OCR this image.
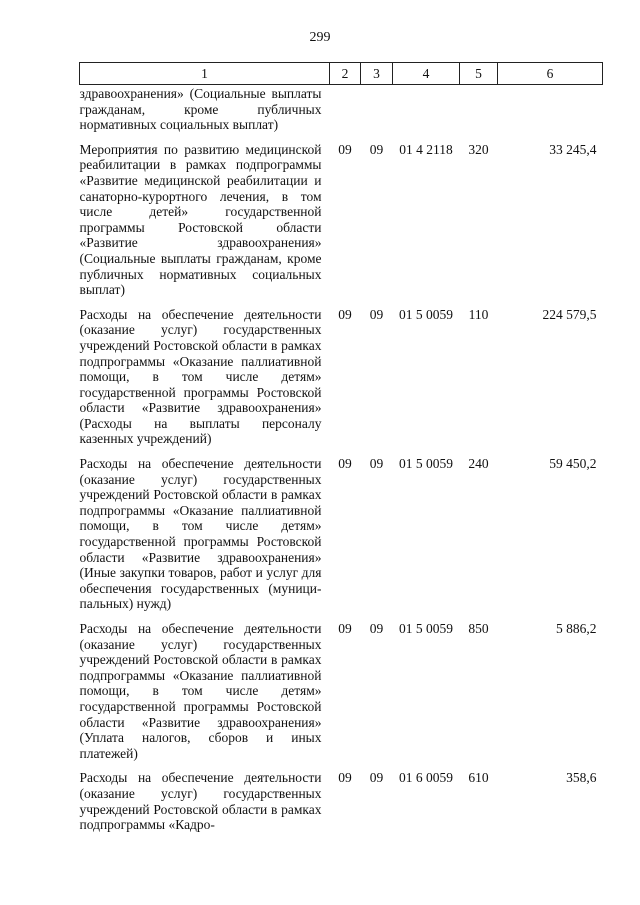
299
1	2	3	4	5	6
здравоохранения» (Социальные выплаты гражданам, кроме публичных нормативных социальных выплат)					
Мероприятия по развитию медицинской реабилитации в рамках подпрограммы «Развитие медицинской реабилитации и санаторно-курортного лечения, в том числе детей» государственной программы Ростовской области «Развитие здравоохранения» (Социальные выплаты гражданам, кроме публичных нормативных социальных выплат)	09	09	01 4 2118	320	33 245,4
Расходы на обеспечение деятельности (оказание услуг) государственных учреждений Ростовской области в рамках подпрограммы «Оказание паллиативной помощи, в том числе детям» государственной программы Ростовской области «Развитие здравоохранения» (Расходы на выплаты персоналу казенных учреждений)	09	09	01 5 0059	110	224 579,5
Расходы на обеспечение деятельности (оказание услуг) государственных учреждений Ростовской области в рамках подпрограммы «Оказание паллиативной помощи, в том числе детям» государственной программы Ростовской области «Развитие здравоохранения» (Иные закупки товаров, работ и услуг для обеспечения государственных (муниципальных) нужд)	09	09	01 5 0059	240	59 450,2
Расходы на обеспечение деятельности (оказание услуг) государственных учреждений Ростовской области в рамках подпрограммы «Оказание паллиативной помощи, в том числе детям» государственной программы Ростовской области «Развитие здравоохранения» (Уплата налогов, сборов и иных платежей)	09	09	01 5 0059	850	5 886,2
Расходы на обеспечение деятельности (оказание услуг) государственных учреждений Ростовской области в рамках подпрограммы «Кадро-	09	09	01 6 0059	610	358,6
